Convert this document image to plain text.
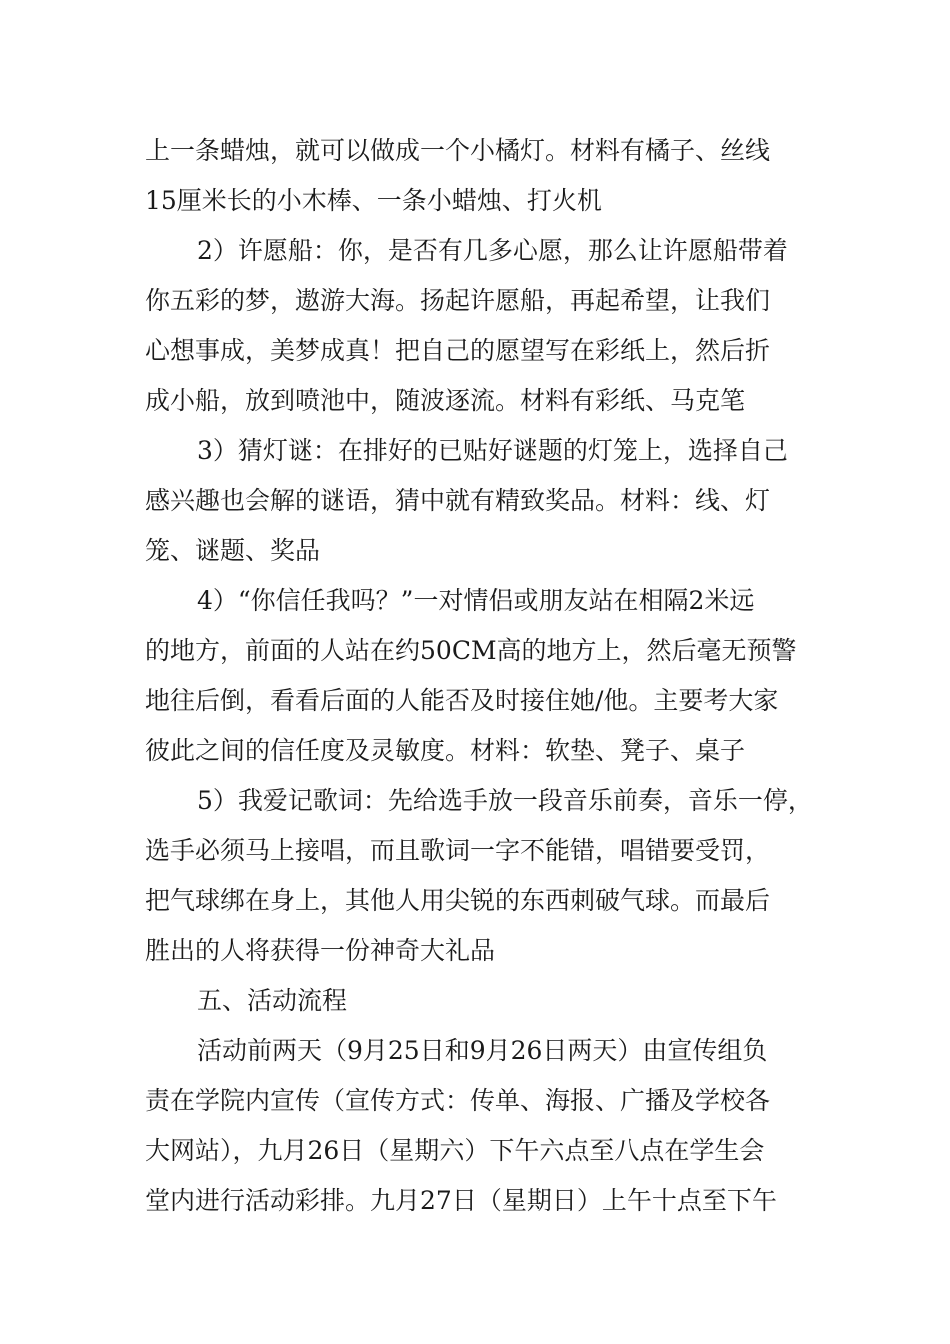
上一条蜡烛，就可以做成一个小橘灯。材料有橘子、丝线
15厘米长的小木棒、一条小蜡烛、打火机
2）许愿船：你，是否有几多心愿，那么让许愿船带着
你五彩的梦，遨游大海。扬起许愿船，再起希望，让我们
心想事成，美梦成真！把自己的愿望写在彩纸上，然后折
成小船，放到喷池中，随波逐流。材料有彩纸、马克笔
3）猜灯谜：在排好的已贴好谜题的灯笼上，选择自己
感兴趣也会解的谜语，猜中就有精致奖品。材料：线、灯
笼、谜题、奖品
4）“你信任我吗？”一对情侣或朋友站在相隔2米远
的地方，前面的人站在约50CM高的地方上，然后毫无预警
地往后倒，看看后面的人能否及时接住她/他。主要考大家
彼此之间的信任度及灵敏度。材料：软垫、凳子、桌子
5）我爱记歌词：先给选手放一段音乐前奏，音乐一停，
选手必须马上接唱，而且歌词一字不能错，唱错要受罚，
把气球绑在身上，其他人用尖锐的东西刺破气球。而最后
胜出的人将获得一份神奇大礼品
五、活动流程
活动前两天（9月25日和9月26日两天）由宣传组负
责在学院内宣传（宣传方式：传单、海报、广播及学校各
大网站），九月26日（星期六）下午六点至八点在学生会
堂内进行活动彩排。九月27日（星期日）上午十点至下午
